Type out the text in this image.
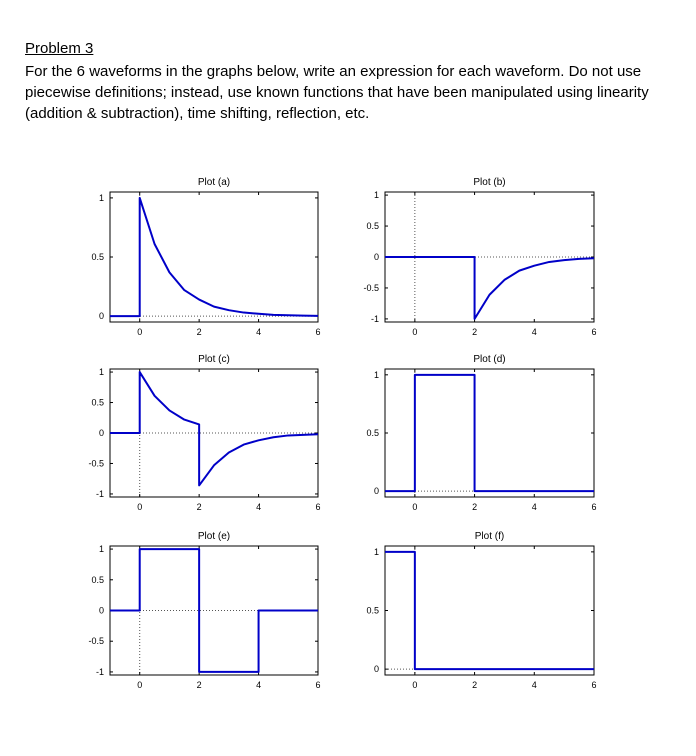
Problem 3
For the 6 waveforms in the graphs below, write an expression for each waveform. Do not use piecewise definitions; instead, use known functions that have been manipulated using linearity (addition & subtraction), time shifting, reflection, etc.
Plot (a)
0	2	4	6
0
0.5
1
Plot (b)
0	2	4	6
-1
-0.5
0
0.5
1
Plot (c)
0	2	4	6
-1
-0.5
0
0.5
1
Plot (d)
0	2	4	6
0
0.5
1
Plot (e)
0	2	4	6
-1
-0.5
0
0.5
1
Plot (f)
0	2	4	6
0
0.5
1
